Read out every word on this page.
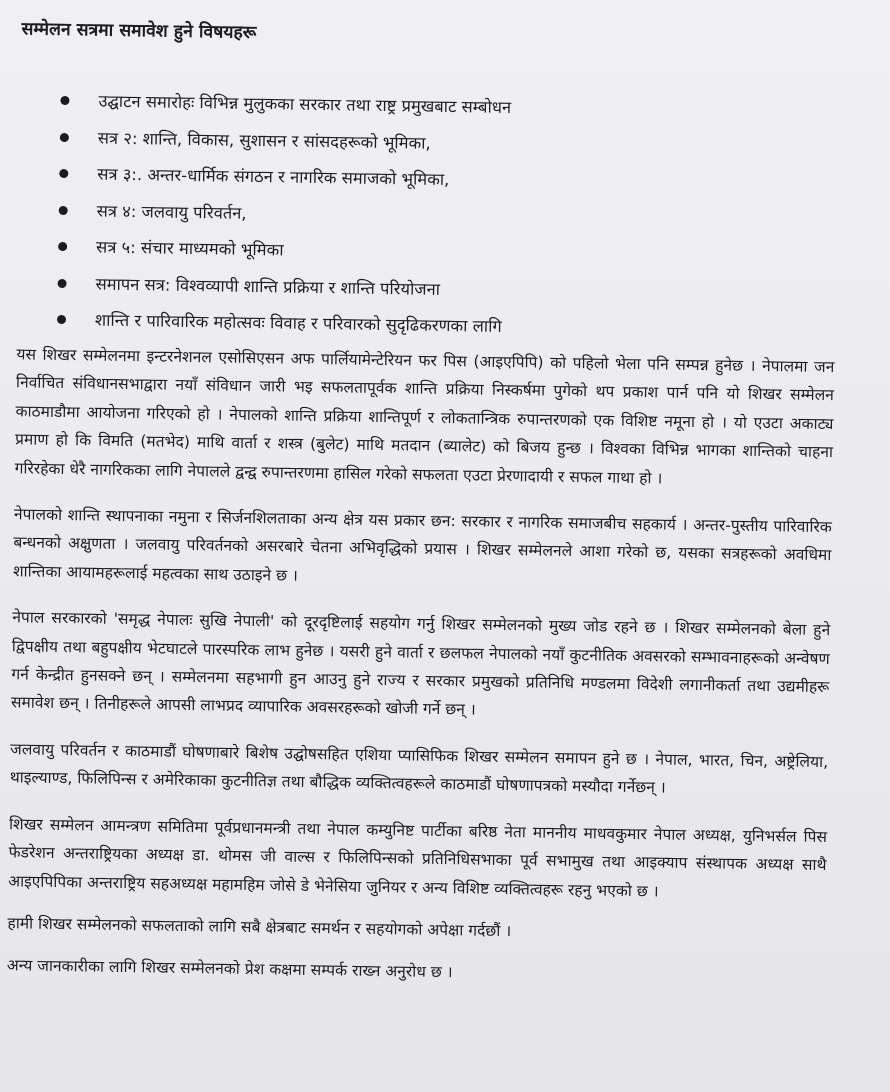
सम्मेलन सत्रमा समावेश हुने विषयहरू
उद्घाटन समारोहः विभिन्न मुलुकका सरकार तथा राष्ट्र प्रमुखबाट सम्बोधन
सत्र २: शान्ति, विकास, सुशासन र सांसदहरूको भूमिका,
सत्र ३:. अन्तर-धार्मिक संगठन र नागरिक समाजको भूमिका,
सत्र ४: जलवायु परिवर्तन,
सत्र ५: संचार माध्यमको भूमिका
समापन सत्र: विश्वव्यापी शान्ति प्रक्रिया र शान्ति परियोजना
शान्ति र पारिवारिक महोत्सवः विवाह र परिवारको सुदृढिकरणका लागि

यस शिखर सम्मेलनमा इन्टरनेशनल एसोसिएसन अफ पार्लियामेन्टेरियन फर पिस (आइएपिपि) को पहिलो भेला पनि सम्पन्न हुनेछ । नेपालमा जन निर्वाचित संविधानसभाद्वारा नयाँ संविधान जारी भइ सफलतापूर्वक शान्ति प्रक्रिया निस्कर्षमा पुगेको थप प्रकाश पार्न पनि यो शिखर सम्मेलन काठमाडौमा आयोजना गरिएको हो । नेपालको शान्ति प्रक्रिया शान्तिपूर्ण र लोकतान्त्रिक रुपान्तरणको एक विशिष्ट नमूना हो । यो एउटा अकाट्य प्रमाण हो कि विमति (मतभेद) माथि वार्ता र शस्त्र (बुलेट) माथि मतदान (ब्यालेट) को बिजय हुन्छ । विश्वका विभिन्न भागका शान्तिको चाहना गरिरहेका धेरै नागरिकका लागि नेपालले द्वन्द्व रुपान्तरणमा हासिल गरेको सफलता एउटा प्रेरणादायी र सफल गाथा हो ।

नेपालको शान्ति स्थापनाका नमुना र सिर्जनशिलताका अन्य क्षेत्र यस प्रकार छन: सरकार र नागरिक समाजबीच सहकार्य । अन्तर-पुस्तीय पारिवारिक बन्धनको अक्षुणता । जलवायु परिवर्तनको असरबारे चेतना अभिवृद्धिको प्रयास । शिखर सम्मेलनले आशा गरेको छ, यसका सत्रहरूको अवधिमा शान्तिका आयामहरूलाई महत्वका साथ उठाइने छ ।

नेपाल सरकारको 'समृद्ध नेपालः सुखि नेपाली' को दूरदृष्टिलाई सहयोग गर्नु शिखर सम्मेलनको मुख्य जोड रहने छ । शिखर सम्मेलनको बेला हुने द्विपक्षीय तथा बहुपक्षीय भेटघाटले पारस्परिक लाभ हुनेछ । यसरी हुने वार्ता र छलफल नेपालको नयाँ कुटनीतिक अवसरको सम्भावनाहरूको अन्वेषण गर्न केन्द्रीत हुनसक्ने छन् । सम्मेलनमा सहभागी हुन आउनु हुने राज्य र सरकार प्रमुखको प्रतिनिधि मण्डलमा विदेशी लगानीकर्ता तथा उद्यमीहरू समावेश छन् । तिनीहरूले आपसी लाभप्रद व्यापारिक अवसरहरूको खोजी गर्ने छन् ।

जलवायु परिवर्तन र काठमाडौं घोषणाबारे बिशेष उद्घोषसहित एशिया प्यासिफिक शिखर सम्मेलन समापन हुने छ । नेपाल, भारत, चिन, अष्ट्रेलिया, थाइल्याण्ड, फिलिपिन्स र अमेरिकाका कुटनीतिज्ञ तथा बौद्धिक व्यक्तित्वहरूले काठमाडौं घोषणापत्रको मस्यौदा गर्नेछन् ।

शिखर सम्मेलन आमन्त्रण समितिमा पूर्वप्रधानमन्त्री तथा नेपाल कम्युनिष्ट पार्टीका बरिष्ठ नेता माननीय माधवकुमार नेपाल अध्यक्ष, युनिभर्सल पिस फेडरेशन अन्तराष्ट्रियका अध्यक्ष डा. थोमस जी वाल्स र फिलिपिन्सको प्रतिनिधिसभाका पूर्व सभामुख तथा आइक्याप संस्थापक अध्यक्ष साथै आइएपिपिका अन्तराष्ट्रिय सहअध्यक्ष महामहिम जोसे डे भेनेसिया जुनियर र अन्य विशिष्ट व्यक्तित्वहरू रहनु भएको छ ।

हामी शिखर सम्मेलनको सफलताको लागि सबै क्षेत्रबाट समर्थन र सहयोगको अपेक्षा गर्दछौं ।

अन्य जानकारीका लागि शिखर सम्मेलनको प्रेश कक्षमा सम्पर्क राख्न अनुरोध छ ।
